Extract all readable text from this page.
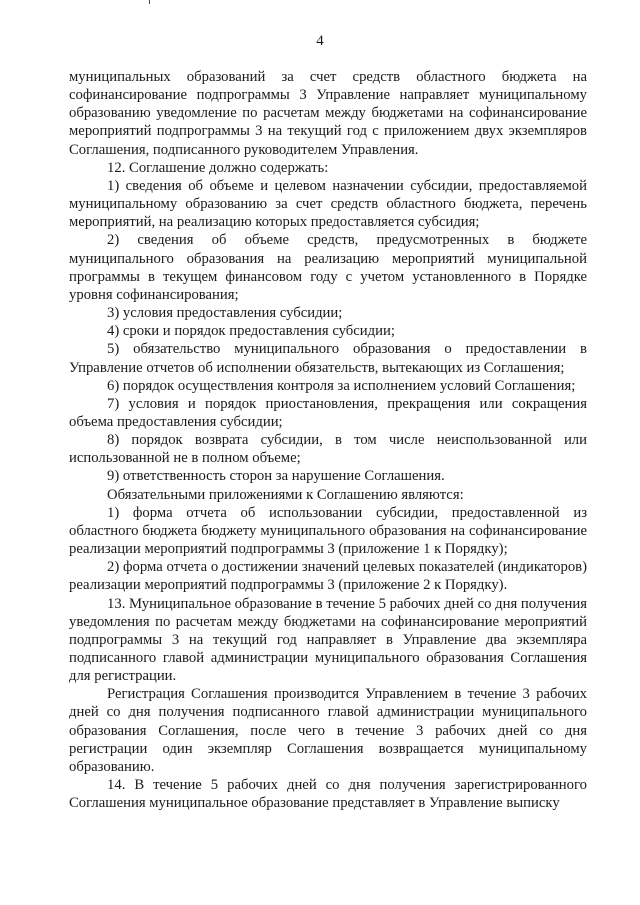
4

муниципальных образований за счет средств областного бюджета на софинансирование подпрограммы 3 Управление направляет муниципальному образованию уведомление по расчетам между бюджетами на софинансирование мероприятий подпрограммы 3 на текущий год с приложением двух экземпляров Соглашения, подписанного руководителем Управления.

12. Соглашение должно содержать:

1) сведения об объеме и целевом назначении субсидии, предоставляемой муниципальному образованию за счет средств областного бюджета, перечень мероприятий, на реализацию которых предоставляется субсидия;

2) сведения об объеме средств, предусмотренных в бюджете муниципального образования на реализацию мероприятий муниципальной программы в текущем финансовом году с учетом установленного в Порядке уровня софинансирования;

3) условия предоставления субсидии;

4) сроки и порядок предоставления субсидии;

5) обязательство муниципального образования о предоставлении в Управление отчетов об исполнении обязательств, вытекающих из Соглашения;

6) порядок осуществления контроля за исполнением условий Соглашения;

7) условия и порядок приостановления, прекращения или сокращения объема предоставления субсидии;

8) порядок возврата субсидии, в том числе неиспользованной или использованной не в полном объеме;

9) ответственность сторон за нарушение Соглашения.

Обязательными приложениями к Соглашению являются:

1) форма отчета об использовании субсидии, предоставленной из областного бюджета бюджету муниципального образования на софинансирование реализации мероприятий подпрограммы 3 (приложение 1 к Порядку);

2) форма отчета о достижении значений целевых показателей (индикаторов) реализации мероприятий подпрограммы 3 (приложение 2 к Порядку).

13. Муниципальное образование в течение 5 рабочих дней со дня получения уведомления по расчетам между бюджетами на софинансирование мероприятий подпрограммы 3 на текущий год направляет в Управление два экземпляра подписанного главой администрации муниципального образования Соглашения для регистрации.

Регистрация Соглашения производится Управлением в течение 3 рабочих дней со дня получения подписанного главой администрации муниципального образования Соглашения, после чего в течение 3 рабочих дней со дня регистрации один экземпляр Соглашения возвращается муниципальному образованию.

14. В течение 5 рабочих дней со дня получения зарегистрированного Соглашения муниципальное образование представляет в Управление выписку
